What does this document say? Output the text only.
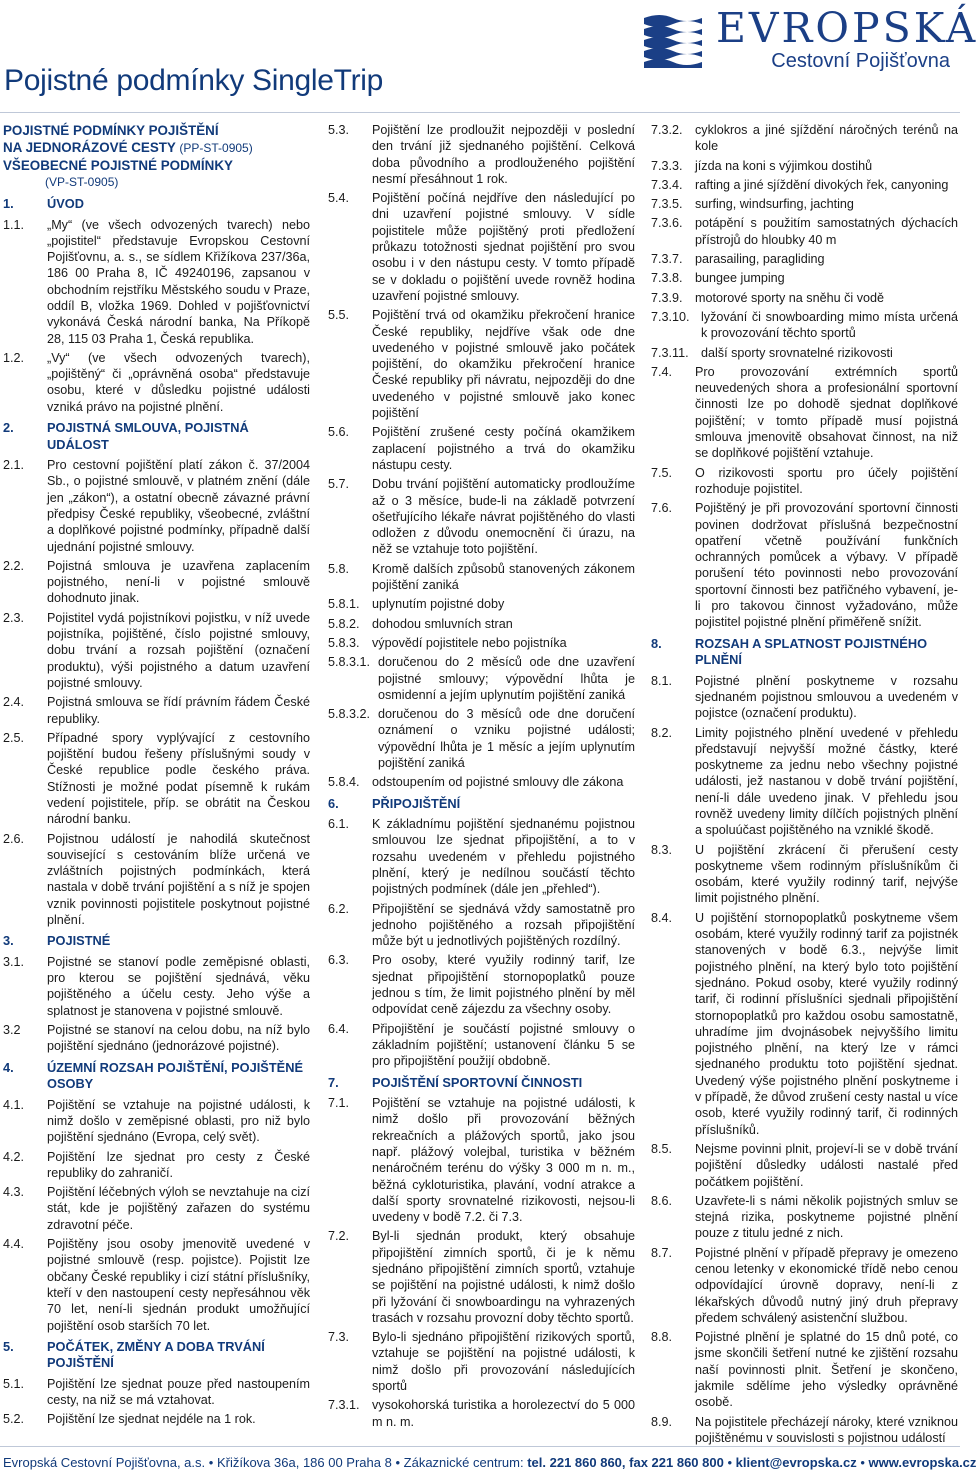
Pojistné podmínky SingleTrip
EVROPSKÁ
Cestovní Pojišťovna
POJISTNÉ PODMÍNKY POJIŠTĚNÍ
NA JEDNORÁZOVÉ CESTY (PP-ST-0905)
VŠEOBECNÉ POJISTNÉ PODMÍNKY
(VP-ST-0905)
1.	ÚVOD
1.1.	„My“ (ve všech odvozených tvarech) nebo „pojistitel“ představuje Evropskou Cestovní Pojišťovnu, a. s., se sídlem Křižíkova 237/36a, 186 00 Praha 8, IČ 49240196, zapsanou v obchodním rejstříku Městského soudu v Praze, oddíl B, vložka 1969. Dohled v pojišťovnictví vykonává Česká národní banka, Na Příkopě 28, 115 03 Praha 1, Česká republika.
1.2.	„Vy“ (ve všech odvozených tvarech), „pojištěný“ či „oprávněná osoba“ představuje osobu, které v důsledku pojistné události vzniká právo na pojistné plnění.
2.	POJISTNÁ SMLOUVA, POJISTNÁ UDÁLOST
2.1.	Pro cestovní pojištění platí zákon č. 37/2004 Sb., o pojistné smlouvě, v platném znění (dále jen „zákon“), a ostatní obecně závazné právní předpisy České republiky, všeobecné, zvláštní a doplňkové pojistné podmínky, případně další ujednání pojistné smlouvy.
2.2.	Pojistná smlouva je uzavřena zaplacením pojistného, není-li v pojistné smlouvě dohodnuto jinak.
2.3.	Pojistitel vydá pojistníkovi pojistku, v níž uvede pojistníka, pojištěné, číslo pojistné smlouvy, dobu trvání a rozsah pojištění (označení produktu), výši pojistného a datum uzavření pojistné smlouvy.
2.4.	Pojistná smlouva se řídí právním řádem České republiky.
2.5.	Případné spory vyplývající z cestovního pojištění budou řešeny příslušnými soudy v České republice podle českého práva. Stížnosti je možné podat písemně k rukám vedení pojistitele, příp. se obrátit na Českou národní banku.
2.6.	Pojistnou událostí je nahodilá skutečnost související s cestováním blíže určená ve zvláštních pojistných podmínkách, která nastala v době trvání pojištění a s níž je spojen vznik povinnosti pojistitele poskytnout pojistné plnění.
3.	POJISTNÉ
3.1.	Pojistné se stanoví podle zeměpisné oblasti, pro kterou se pojištění sjednává, věku pojištěného a účelu cesty. Jeho výše a splatnost je stanovena v pojistné smlouvě.
3.2	Pojistné se stanoví na celou dobu, na níž bylo pojištění sjednáno (jednorázové pojistné).
4.	ÚZEMNÍ ROZSAH POJIŠTĚNÍ, POJIŠTĚNÉ OSOBY
4.1.	Pojištění se vztahuje na pojistné události, k nimž došlo v zeměpisné oblasti, pro niž bylo pojištění sjednáno (Evropa, celý svět).
4.2.	Pojištění lze sjednat pro cesty z České republiky do zahraničí.
4.3.	Pojištění léčebných výloh se nevztahuje na cizí stát, kde je pojištěný zařazen do systému zdravotní péče.
4.4.	Pojištěny jsou osoby jmenovitě uvedené v pojistné smlouvě (resp. pojistce). Pojistit lze občany České republiky i cizí státní příslušníky, kteří v den nastoupení cesty nepřesáhnou věk 70 let, není-li sjednán produkt umožňující pojištění osob starších 70 let.
5.	POČÁTEK, ZMĚNY A DOBA TRVÁNÍ POJIŠTĚNÍ
5.1.	Pojištění lze sjednat pouze před nastoupením cesty, na niž se má vztahovat.
5.2.	Pojištění lze sjednat nejdéle na 1 rok.
5.3.	Pojištění lze prodloužit nejpozději v poslední den trvání již sjednaného pojištění. Celková doba původního a prodlouženého pojištění nesmí přesáhnout 1 rok.
5.4.	Pojištění počíná nejdříve den následující po dni uzavření pojistné smlouvy. V sídle pojistitele může pojištěný proti předložení průkazu totožnosti sjednat pojištění pro svou osobu i v den nástupu cesty. V tomto případě se v dokladu o pojištění uvede rovněž hodina uzavření pojistné smlouvy.
5.5.	Pojištění trvá od okamžiku překročení hranice České republiky, nejdříve však ode dne uvedeného v pojistné smlouvě jako počátek pojištění, do okamžiku překročení hranice České republiky při návratu, nejpozději do dne uvedeného v pojistné smlouvě jako konec pojištění
5.6.	Pojištění zrušené cesty počíná okamžikem zaplacení pojistného a trvá do okamžiku nástupu cesty.
5.7.	Dobu trvání pojištění automaticky prodloužíme až o 3 měsíce, bude-li na základě potvrzení ošetřujícího lékaře návrat pojištěného do vlasti odložen z důvodu onemocnění či úrazu, na něž se vztahuje toto pojištění.
5.8.	Kromě dalších způsobů stanovených zákonem pojištění zaniká
5.8.1. uplynutím pojistné doby
5.8.2. dohodou smluvních stran
5.8.3. výpovědí pojistitele nebo pojistníka
5.8.3.1. doručenou do 2 měsíců ode dne uzavření pojistné smlouvy; výpovědní lhůta je osmidenní a jejím uplynutím pojištění zaniká
5.8.3.2. doručenou do 3 měsíců ode dne doručení oznámení o vzniku pojistné události; výpovědní lhůta je 1 měsíc a jejím uplynutím pojištění zaniká
5.8.4. odstoupením od pojistné smlouvy dle zákona
6.	PŘIPOJIŠTĚNÍ
6.1.	K základnímu pojištění sjednanému pojistnou smlouvou lze sjednat připojištění, a to v rozsahu uvedeném v přehledu pojistného plnění, který je nedílnou součástí těchto pojistných podmínek (dále jen „přehled“).
6.2.	Připojištění se sjednává vždy samostatně pro jednoho pojištěného a rozsah připojištění může být u jednotlivých pojištěných rozdílný.
6.3.	Pro osoby, které využily rodinný tarif, lze sjednat připojištění stornopoplatků pouze jednou s tím, že limit pojistného plnění by měl odpovídat ceně zájezdu za všechny osoby.
6.4.	Připojištění je součástí pojistné smlouvy o základním pojištění; ustanovení článku 5 se pro připojištění použijí obdobně.
7.	POJIŠTĚNÍ SPORTOVNÍ ČINNOSTI
7.1.	Pojištění se vztahuje na pojistné události, k nimž došlo při provozování běžných rekreačních a plážových sportů, jako jsou např. plážový volejbal, turistika v běžném nenáročném terénu do výšky 3 000 m n. m., běžná cykloturistika, plavání, vodní atrakce a další sporty srovnatelné rizikovosti, nejsou-li uvedeny v bodě 7.2. či 7.3.
7.2.	Byl-li sjednán produkt, který obsahuje připojištění zimních sportů, či je k němu sjednáno připojištění zimních sportů, vztahuje se pojištění na pojistné události, k nimž došlo při lyžování či snowboardingu na vyhrazených trasách v rozsahu provozní doby těchto sportů.
7.3.	Bylo-li sjednáno připojištění rizikových sportů, vztahuje se pojištění na pojistné události, k nimž došlo při provozování následujících sportů
7.3.1. vysokohorská turistika a horolezectví do 5 000 m n. m.
7.3.2. cyklokros a jiné sjíždění náročných terénů na kole
7.3.3. jízda na koni s výjimkou dostihů
7.3.4. rafting a jiné sjíždění divokých řek, canyoning
7.3.5. surfing, windsurfing, jachting
7.3.6. potápění s použitím samostatných dýchacích přístrojů do hloubky 40 m
7.3.7. parasailing, paragliding
7.3.8. bungee jumping
7.3.9. motorové sporty na sněhu či vodě
7.3.10. lyžování či snowboarding mimo místa určená k provozování těchto sportů
7.3.11. další sporty srovnatelné rizikovosti
7.4.	Pro provozování extrémních sportů neuvedených shora a profesionální sportovní činnosti lze po dohodě sjednat doplňkové pojištění; v tomto případě musí pojistná smlouva jmenovitě obsahovat činnost, na niž se doplňkové pojištění vztahuje.
7.5.	O rizikovosti sportu pro účely pojištění rozhoduje pojistitel.
7.6.	Pojištěný je při provozování sportovní činnosti povinen dodržovat příslušná bezpečnostní opatření včetně používání funkčních ochranných pomůcek a výbavy. V případě porušení této povinnosti nebo provozování sportovní činnosti bez patřičného vybavení, je-li pro takovou činnost vyžadováno, může pojistitel pojistné plnění přiměřeně snížit.
8.	ROZSAH A SPLATNOST POJISTNÉHO PLNĚNÍ
8.1.	Pojistné plnění poskytneme v rozsahu sjednaném pojistnou smlouvou a uvedeném v pojistce (označení produktu).
8.2.	Limity pojistného plnění uvedené v přehledu představují nejvyšší možné částky, které poskytneme za jednu nebo všechny pojistné události, jež nastanou v době trvání pojištění, není-li dále uvedeno jinak. V přehledu jsou rovněž uvedeny limity dílčích pojistných plnění a spoluúčast pojištěného na vzniklé škodě.
8.3.	U pojištění zkrácení či přerušení cesty poskytneme všem rodinným příslušníkům či osobám, které využily rodinný tarif, nejvýše limit pojistného plnění.
8.4.	U pojištění stornopoplatků poskytneme všem osobám, které využily rodinný tarif za pojistnék stanovených v bodě 6.3., nejvýše limit pojistného plnění, na který bylo toto pojištění sjednáno. Pokud osoby, které využily rodinný tarif, či rodinní příslušníci sjednali připojištění stornopoplatků pro každou osobu samostatně, uhradíme jim dvojnásobek nejvyššího limitu pojistného plnění, na který lze v rámci sjednaného produktu toto pojištění sjednat. Uvedený výše pojistného plnění poskytneme i v případě, že důvod zrušení cesty nastal u více osob, které využily rodinný tarif, či rodinných příslušníků.
8.5.	Nejsme povinni plnit, projeví-li se v době trvání pojištění důsledky události nastalé před počátkem pojištění.
8.6.	Uzavřete-li s námi několik pojistných smluv se stejná rizika, poskytneme pojistné plnění pouze z titulu jedné z nich.
8.7.	Pojistné plnění v případě přepravy je omezeno cenou letenky v ekonomické třídě nebo cenou odpovídající úrovně dopravy, není-li z lékařských důvodů nutný jiný druh přepravy předem schválený asistenční službou.
8.8.	Pojistné plnění je splatné do 15 dnů poté, co jsme skončili šetření nutné ke zjištění rozsahu naší povinnosti plnit. Šetření je skončeno, jakmile sdělíme jeho výsledky oprávněné osobě.
8.9.	Na pojistitele přecházejí nároky, které vzniknou pojištěnému v souvislosti s pojistnou událostí
Evropská Cestovní Pojišťovna, a.s. • Křižíkova 36a, 186 00 Praha 8 • Zákaznické centrum: tel. 221 860 860, fax 221 860 800 • klient@evropska.cz • www.evropska.cz
